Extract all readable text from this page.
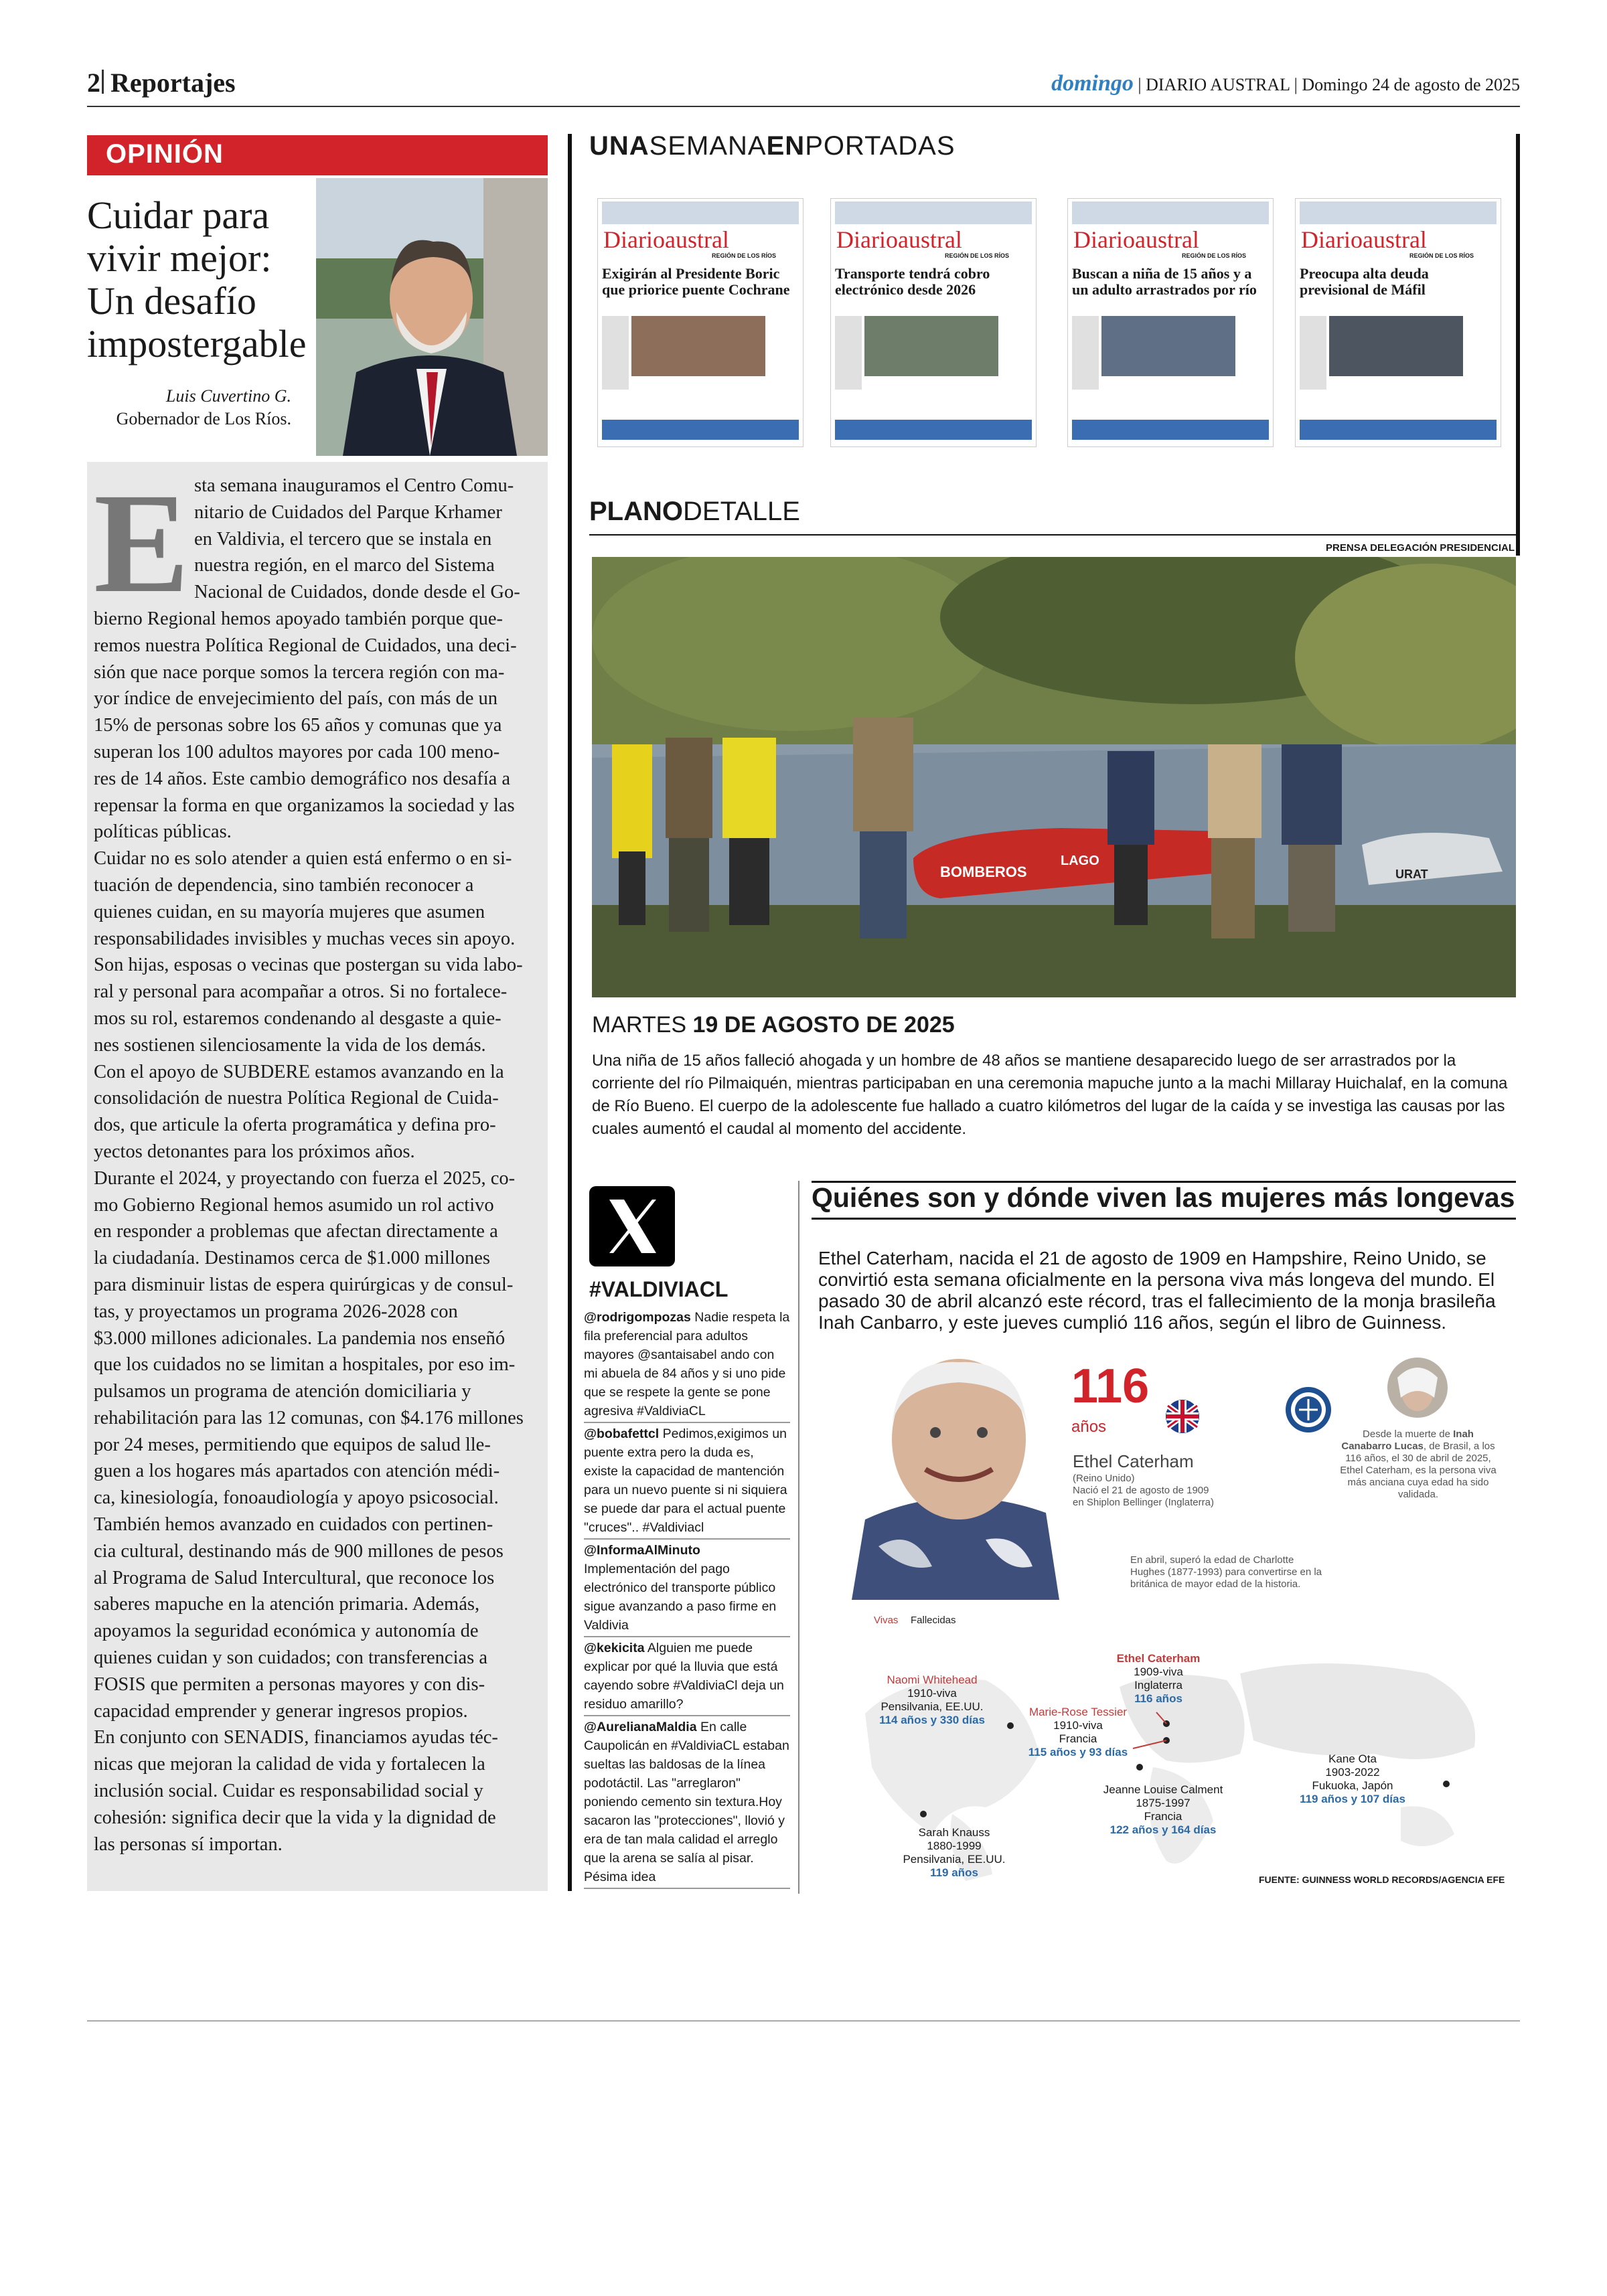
2 Reportajes	domingo | DIARIO AUSTRAL | Domingo 24 de agosto de 2025
OPINIÓN
Cuidar para vivir mejor: Un desafío impostergable
Luis Cuvertino G.
Gobernador de Los Ríos.
E sta semana inauguramos el Centro Comu-
nitario de Cuidados del Parque Krhamer
en Valdivia, el tercero que se instala en
nuestra región, en el marco del Sistema
Nacional de Cuidados, donde desde el Go-
bierno Regional hemos apoyado también porque que-
remos nuestra Política Regional de Cuidados, una deci-
sión que nace porque somos la tercera región con ma-
yor índice de envejecimiento del país, con más de un
15% de personas sobre los 65 años y comunas que ya
superan los 100 adultos mayores por cada 100 meno-
res de 14 años. Este cambio demográfico nos desafía a
repensar la forma en que organizamos la sociedad y las
políticas públicas.
Cuidar no es solo atender a quien está enfermo o en si-
tuación de dependencia, sino también reconocer a
quienes cuidan, en su mayoría mujeres que asumen
responsabilidades invisibles y muchas veces sin apoyo.
Son hijas, esposas o vecinas que postergan su vida labo-
ral y personal para acompañar a otros. Si no fortalece-
mos su rol, estaremos condenando al desgaste a quie-
nes sostienen silenciosamente la vida de los demás.
Con el apoyo de SUBDERE estamos avanzando en la
consolidación de nuestra Política Regional de Cuida-
dos, que articule la oferta programática y defina pro-
yectos detonantes para los próximos años.
Durante el 2024, y proyectando con fuerza el 2025, co-
mo Gobierno Regional hemos asumido un rol activo
en responder a problemas que afectan directamente a
la ciudadanía. Destinamos cerca de $1.000 millones
para disminuir listas de espera quirúrgicas y de consul-
tas, y proyectamos un programa 2026-2028 con
$3.000 millones adicionales. La pandemia nos enseñó
que los cuidados no se limitan a hospitales, por eso im-
pulsamos un programa de atención domiciliaria y
rehabilitación para las 12 comunas, con $4.176 millones
por 24 meses, permitiendo que equipos de salud lle-
guen a los hogares más apartados con atención médi-
ca, kinesiología, fonoaudiología y apoyo psicosocial.
También hemos avanzado en cuidados con pertinen-
cia cultural, destinando más de 900 millones de pesos
al Programa de Salud Intercultural, que reconoce los
saberes mapuche en la atención primaria. Además,
apoyamos la seguridad económica y autonomía de
quienes cuidan y son cuidados; con transferencias a
FOSIS que permiten a personas mayores y con dis-
capacidad emprender y generar ingresos propios.
En conjunto con SENADIS, financiamos ayudas téc-
nicas que mejoran la calidad de vida y fortalecen la
inclusión social. Cuidar es responsabilidad social y
cohesión: significa decir que la vida y la dignidad de
las personas sí importan.
UNASEMANAENPORTADAS
Diarioaustral
REGIÓN DE LOS RÍOS
Exigirán al Presidente Boric que priorice puente Cochrane
Diarioaustral
REGIÓN DE LOS RÍOS
Transporte tendrá cobro electrónico desde 2026
Diarioaustral
REGIÓN DE LOS RÍOS
Buscan a niña de 15 años y a un adulto arrastrados por río
Diarioaustral
REGIÓN DE LOS RÍOS
Preocupa alta deuda previsional de Máfil
PLANODETALLE
PRENSA DELEGACIÓN PRESIDENCIAL
BOMBEROS
LAGO
URAT
MARTES 19 DE AGOSTO DE 2025
Una niña de 15 años falleció ahogada y un hombre de 48 años se mantiene desaparecido luego de ser arrastrados por la corriente del río Pilmaiquén, mientras participaban en una ceremonia mapuche junto a la machi Millaray Huichalaf, en la comuna de Río Bueno. El cuerpo de la adolescente fue hallado a cuatro kilómetros del lugar de la caída y se investiga las causas por las cuales aumentó el caudal al momento del accidente.
#VALDIVIACL
@rodrigompozas Nadie respeta la fila preferencial para adultos mayores @santaisabel ando con mi abuela de 84 años y si uno pide que se respete la gente se pone agresiva #ValdiviaCL
@bobafettcl Pedimos,exigimos un puente extra pero la duda es, existe la capacidad de mantención para un nuevo puente si ni siquiera se puede dar para el actual puente "cruces".. #Valdiviacl
@InformaAlMinuto Implementación del pago electrónico del transporte público sigue avanzando a paso firme en Valdivia
@kekicita Alguien me puede explicar por qué la lluvia que está cayendo sobre #ValdiviaCl deja un residuo amarillo?
@AurelianaMaldia En calle Caupolicán en #ValdiviaCL estaban sueltas las baldosas de la línea podotáctil. Las "arreglaron" poniendo cemento sin textura.Hoy sacaron las "protecciones", llovió y era de tan mala calidad el arreglo que la arena se salía al pisar. Pésima idea
Quiénes son y dónde viven las mujeres más longevas
Ethel Caterham, nacida el 21 de agosto de 1909 en Hampshire, Reino Unido, se convirtió esta semana oficialmente en la persona viva más longeva del mundo. El pasado 30 de abril alcanzó este récord, tras el fallecimiento de la monja brasileña Inah Canbarro, y este jueves cumplió 116 años, según el libro de Guinness.
116
años
Ethel Caterham
(Reino Unido)
Nació el 21 de agosto de 1909
en Shiplon Bellinger (Inglaterra)
Desde la muerte de Inah Canabarro Lucas, de Brasil, a los 116 años, el 30 de abril de 2025, Ethel Caterham, es la persona viva más anciana cuya edad ha sido validada.
En abril, superó la edad de Charlotte Hughes (1877-1993) para convertirse en la británica de mayor edad de la historia.
Vivas Fallecidas
Naomi Whitehead
1910-viva
Pensilvania, EE.UU.
114 años y 330 días
Ethel Caterham
1909-viva
Inglaterra
116 años
Marie-Rose Tessier
1910-viva
Francia
115 años y 93 días
Jeanne Louise Calment
1875-1997
Francia
122 años y 164 días
Kane Ota
1903-2022
Fukuoka, Japón
119 años y 107 días
Sarah Knauss
1880-1999
Pensilvania, EE.UU.
119 años
FUENTE: GUINNESS WORLD RECORDS/AGENCIA EFE
